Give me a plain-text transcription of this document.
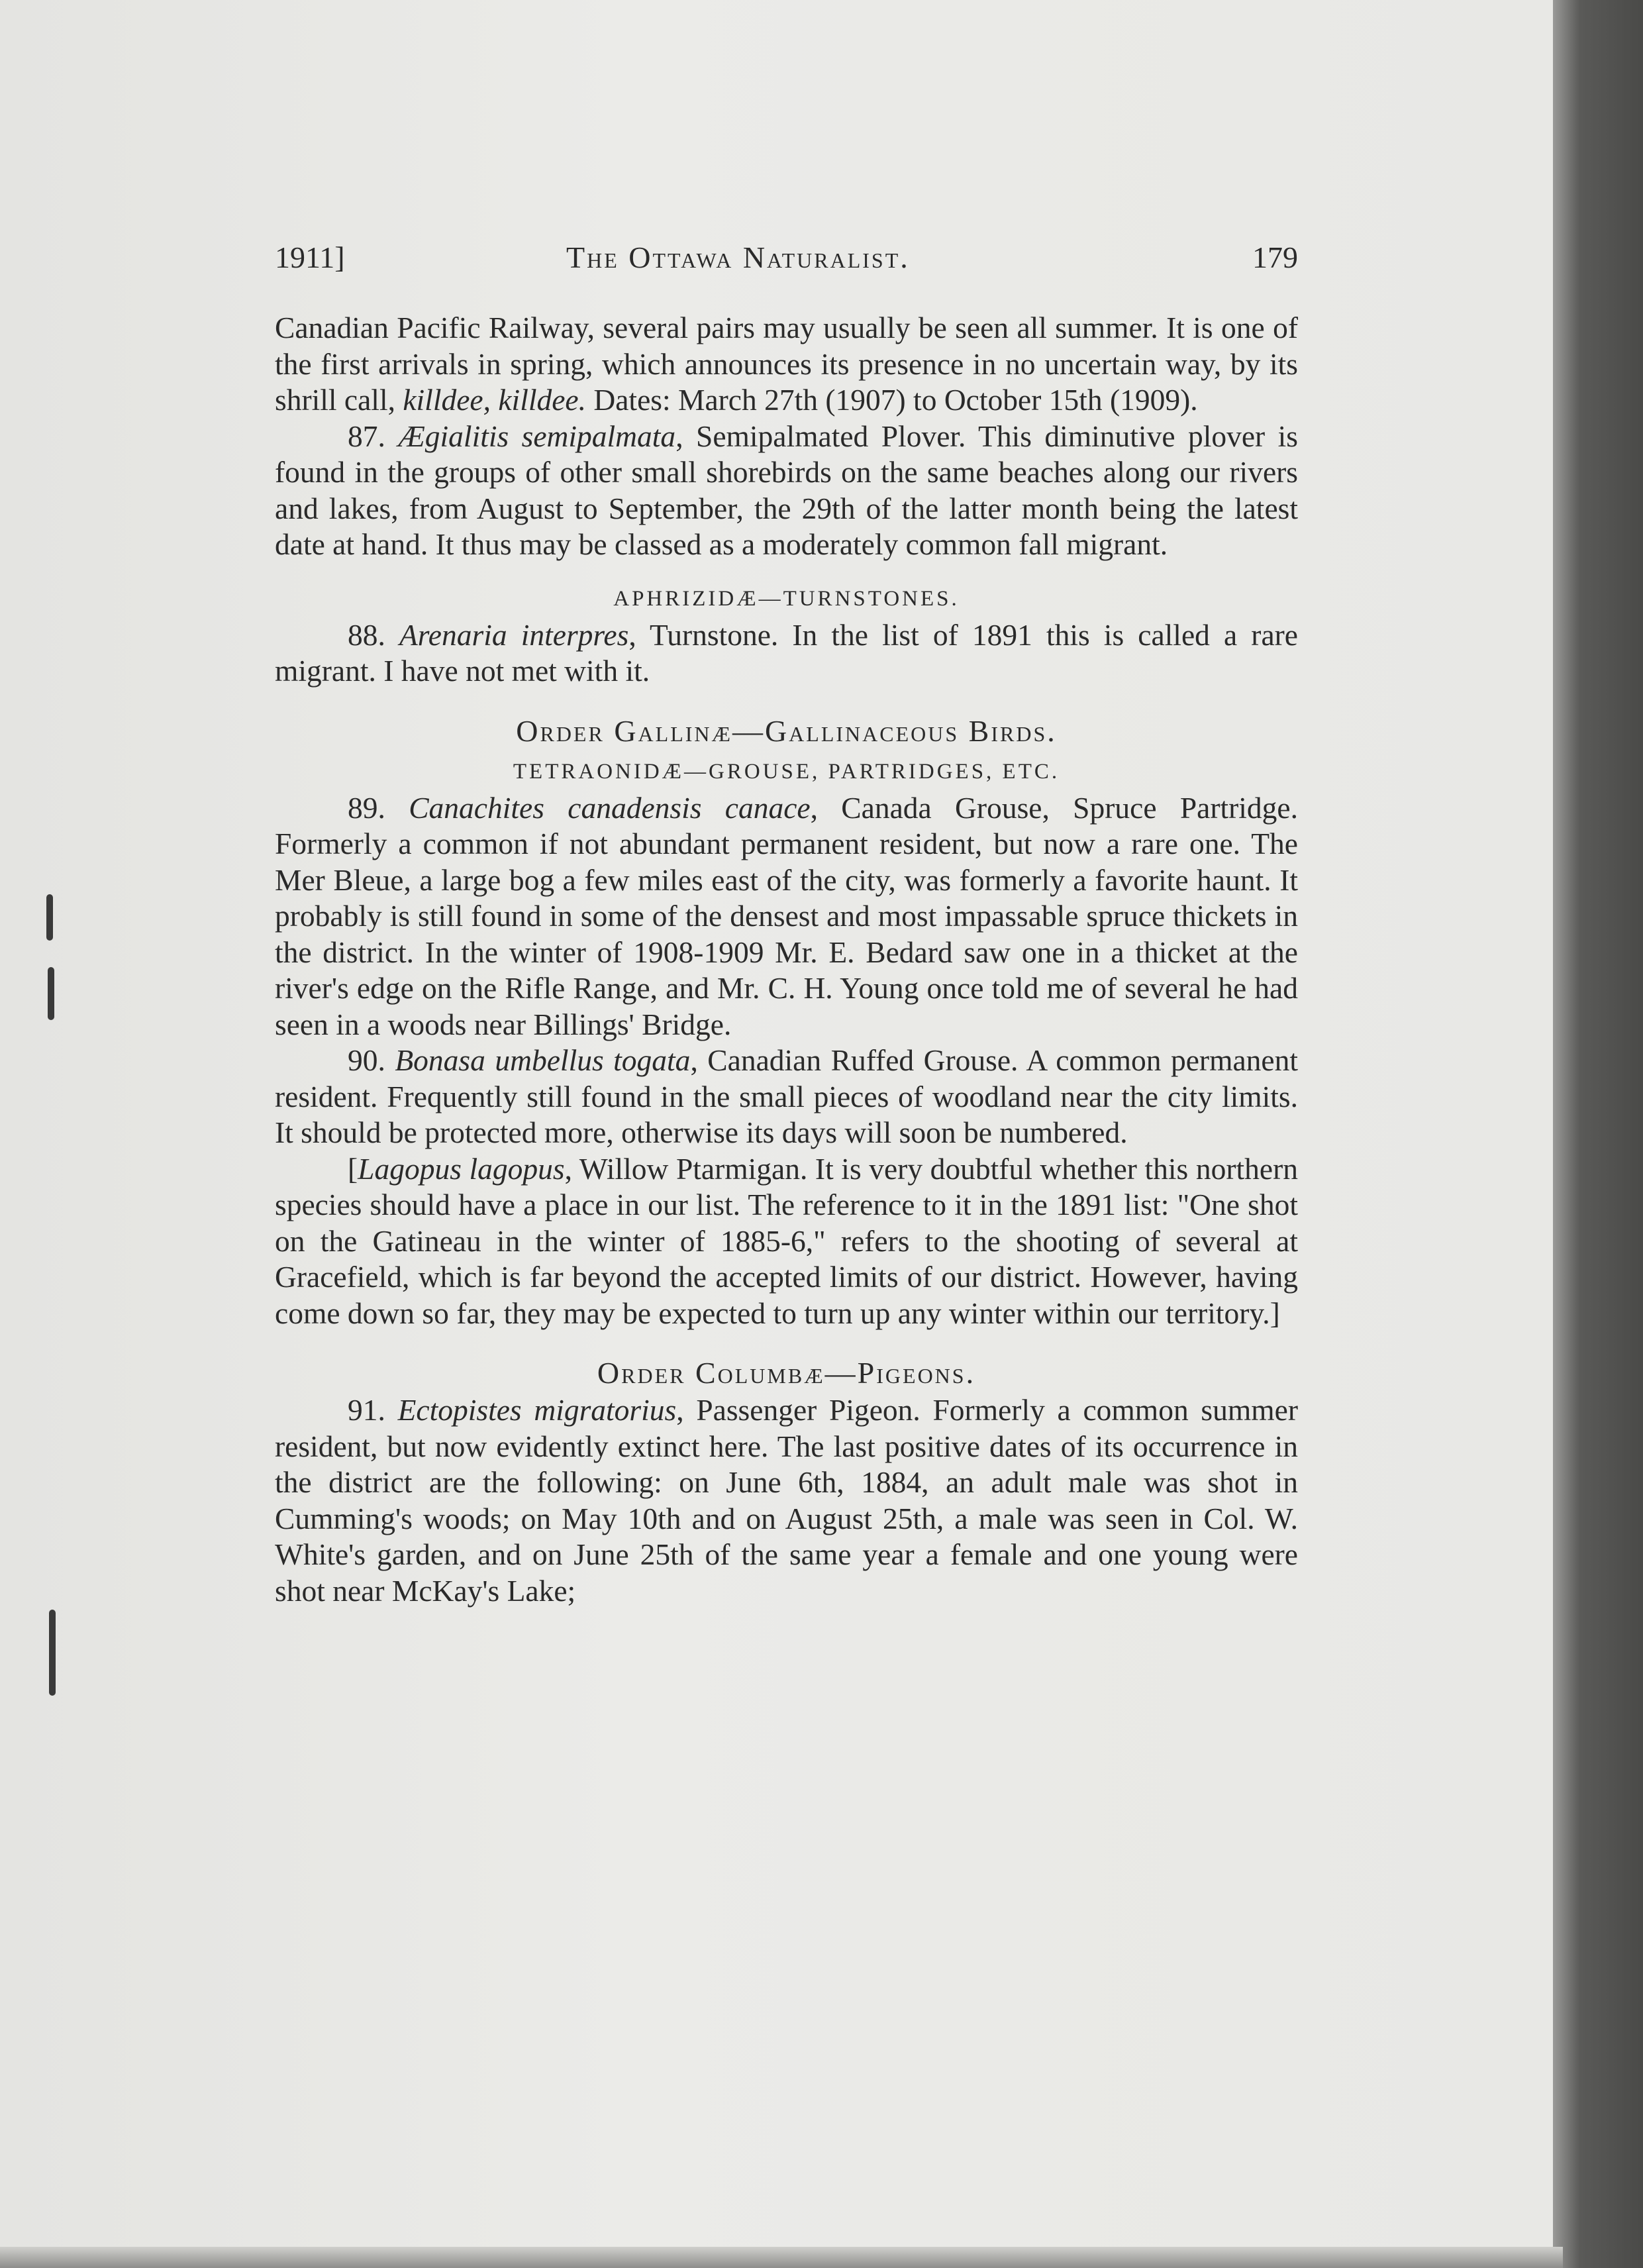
1911]	The Ottawa Naturalist.	179

Canadian Pacific Railway, several pairs may usually be seen all summer. It is one of the first arrivals in spring, which announces its presence in no uncertain way, by its shrill call, killdee, killdee. Dates: March 27th (1907) to October 15th (1909).

87. Ægialitis semipalmata, Semipalmated Plover. This diminutive plover is found in the groups of other small shorebirds on the same beaches along our rivers and lakes, from August to September, the 29th of the latter month being the latest date at hand. It thus may be classed as a moderately common fall migrant.

APHRIZIDÆ—TURNSTONES.

88. Arenaria interpres, Turnstone. In the list of 1891 this is called a rare migrant. I have not met with it.

Order Gallinæ—Gallinaceous Birds.
TETRAONIDÆ—GROUSE, PARTRIDGES, ETC.

89. Canachites canadensis canace, Canada Grouse, Spruce Partridge. Formerly a common if not abundant permanent resident, but now a rare one. The Mer Bleue, a large bog a few miles east of the city, was formerly a favorite haunt. It probably is still found in some of the densest and most impassable spruce thickets in the district. In the winter of 1908-1909 Mr. E. Bedard saw one in a thicket at the river's edge on the Rifle Range, and Mr. C. H. Young once told me of several he had seen in a woods near Billings' Bridge.

90. Bonasa umbellus togata, Canadian Ruffed Grouse. A common permanent resident. Frequently still found in the small pieces of woodland near the city limits. It should be protected more, otherwise its days will soon be numbered.

[Lagopus lagopus, Willow Ptarmigan. It is very doubtful whether this northern species should have a place in our list. The reference to it in the 1891 list: "One shot on the Gatineau in the winter of 1885-6," refers to the shooting of several at Gracefield, which is far beyond the accepted limits of our district. However, having come down so far, they may be expected to turn up any winter within our territory.]

Order Columbæ—Pigeons.

91. Ectopistes migratorius, Passenger Pigeon. Formerly a common summer resident, but now evidently extinct here. The last positive dates of its occurrence in the district are the following: on June 6th, 1884, an adult male was shot in Cumming's woods; on May 10th and on August 25th, a male was seen in Col. W. White's garden, and on June 25th of the same year a female and one young were shot near McKay's Lake;
